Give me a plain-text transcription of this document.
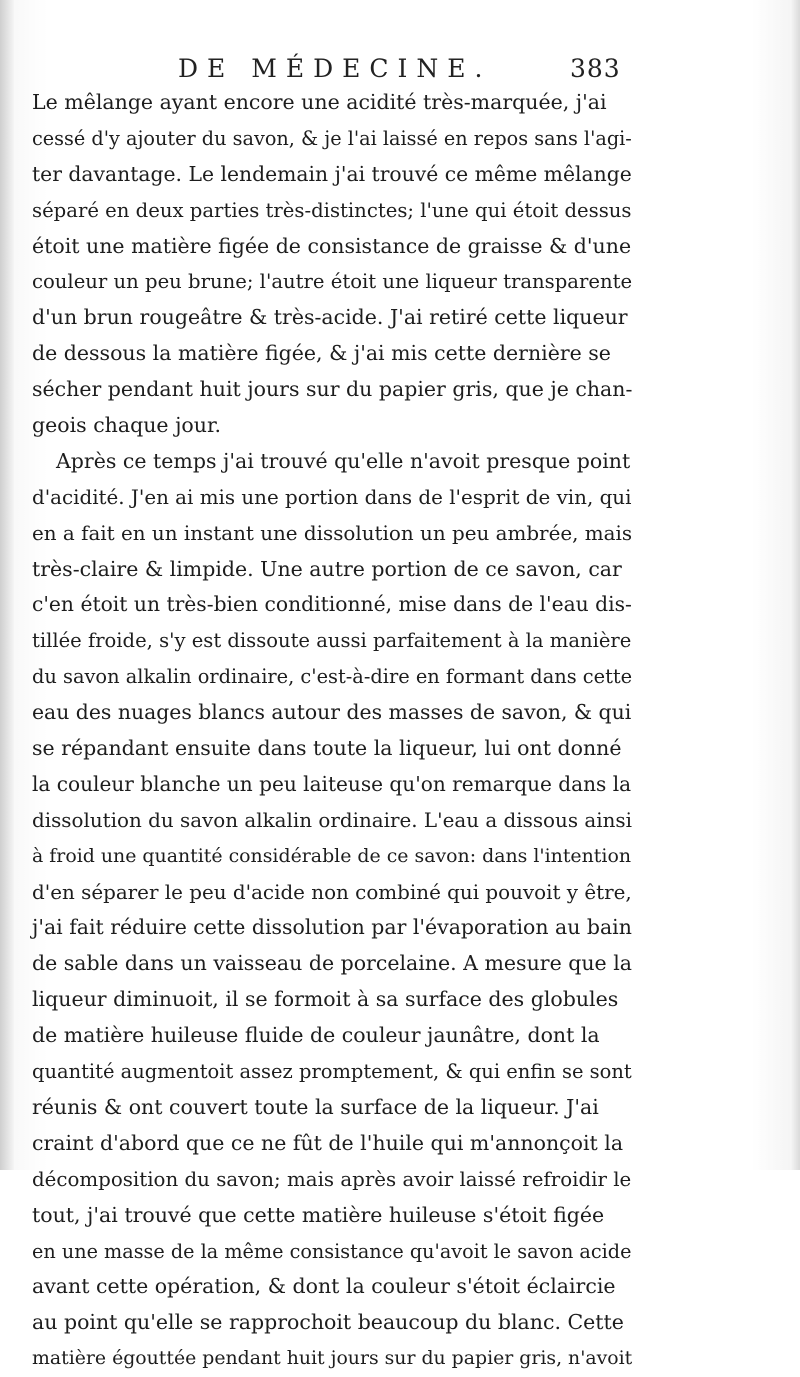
DE MÉDECINE.	383
Le mêlange ayant encore une acidité très-marquée, j'ai
cessé d'y ajouter du savon, & je l'ai laissé en repos sans l'agi-
ter davantage. Le lendemain j'ai trouvé ce même mêlange
séparé en deux parties très-distinctes; l'une qui étoit dessus
étoit une matière figée de consistance de graisse & d'une
couleur un peu brune; l'autre étoit une liqueur transparente
d'un brun rougeâtre & très-acide. J'ai retiré cette liqueur
de dessous la matière figée, & j'ai mis cette dernière se
sécher pendant huit jours sur du papier gris, que je chan-
geois chaque jour.
Après ce temps j'ai trouvé qu'elle n'avoit presque point
d'acidité. J'en ai mis une portion dans de l'esprit de vin, qui
en a fait en un instant une dissolution un peu ambrée, mais
très-claire & limpide. Une autre portion de ce savon, car
c'en étoit un très-bien conditionné, mise dans de l'eau dis-
tillée froide, s'y est dissoute aussi parfaitement à la manière
du savon alkalin ordinaire, c'est-à-dire en formant dans cette
eau des nuages blancs autour des masses de savon, & qui
se répandant ensuite dans toute la liqueur, lui ont donné
la couleur blanche un peu laiteuse qu'on remarque dans la
dissolution du savon alkalin ordinaire. L'eau a dissous ainsi
à froid une quantité considérable de ce savon: dans l'intention
d'en séparer le peu d'acide non combiné qui pouvoit y être,
j'ai fait réduire cette dissolution par l'évaporation au bain
de sable dans un vaisseau de porcelaine. A mesure que la
liqueur diminuoit, il se formoit à sa surface des globules
de matière huileuse fluide de couleur jaunâtre, dont la
quantité augmentoit assez promptement, & qui enfin se sont
réunis & ont couvert toute la surface de la liqueur. J'ai
craint d'abord que ce ne fût de l'huile qui m'annonçoit la
décomposition du savon; mais après avoir laissé refroidir le
tout, j'ai trouvé que cette matière huileuse s'étoit figée
en une masse de la même consistance qu'avoit le savon acide
avant cette opération, & dont la couleur s'étoit éclaircie
au point qu'elle se rapprochoit beaucoup du blanc. Cette
matière égouttée pendant huit jours sur du papier gris, n'avoit
